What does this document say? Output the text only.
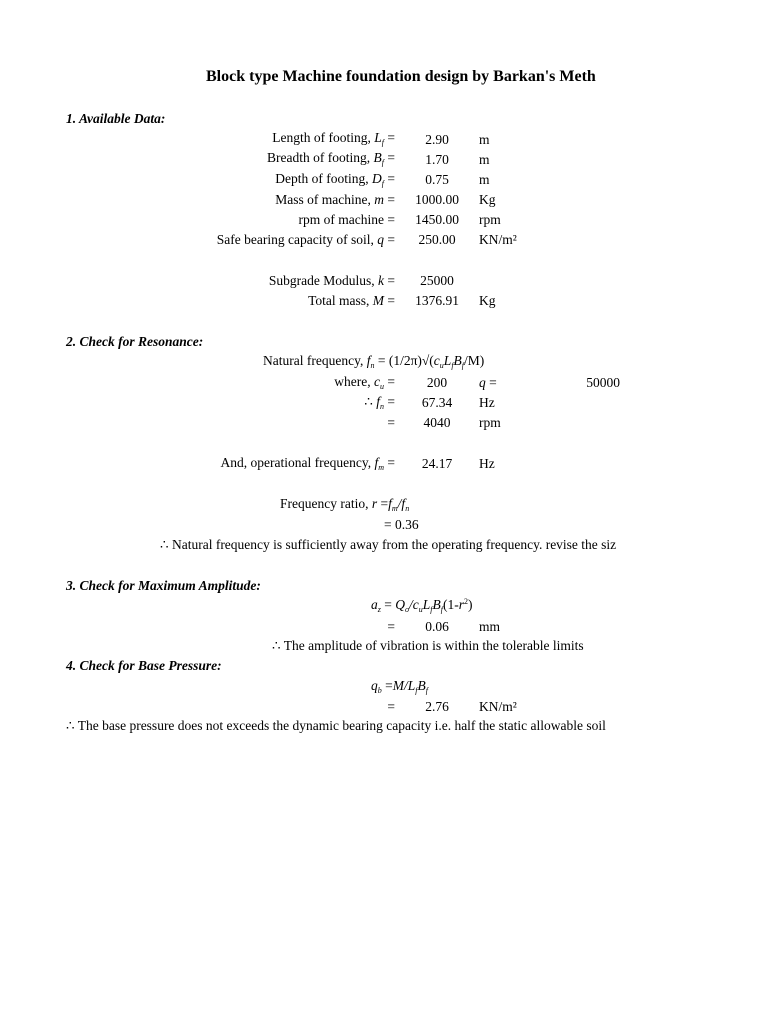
Block type Machine foundation design by Barkan's Meth
1. Available Data:
Length of footing, $L_f$ =	2.90	m
Breadth of footing, $B_f$ =	1.70	m
Depth of footing, $D_f$ =	0.75	m
Mass of machine, m =	1000.00	Kg
rpm of machine =	1450.00	rpm
Safe bearing capacity of soil, q =	250.00	KN/m²
Subgrade Modulus, k =	25000
Total mass, M =	1376.91	Kg
2. Check for Resonance:
Natural frequency, $f_n = (1/2\pi)√(c_uL_fB_f/M)$
where, $c_u$ =	200	q =	50000
∴ $f_n$ =	67.34	Hz
=	4040	rpm
And, operational frequency, $f_m$ =	24.17	Hz
Frequency ratio, $r =f_m/f_n$
= 0.36
∴ Natural frequency is sufficiently away from the operating frequency. revise the siz
3. Check for Maximum Amplitude:
$a_z = Q_o/c_uL_fB_f(1-r^2)$
=	0.06	mm
∴ The amplitude of vibration is within the tolerable limits
4. Check for Base Pressure:
$q_b =M/L_fB_f$
=	2.76	KN/m²
∴ The base pressure does not exceeds the dynamic bearing capacity i.e. half the static allowable soil
